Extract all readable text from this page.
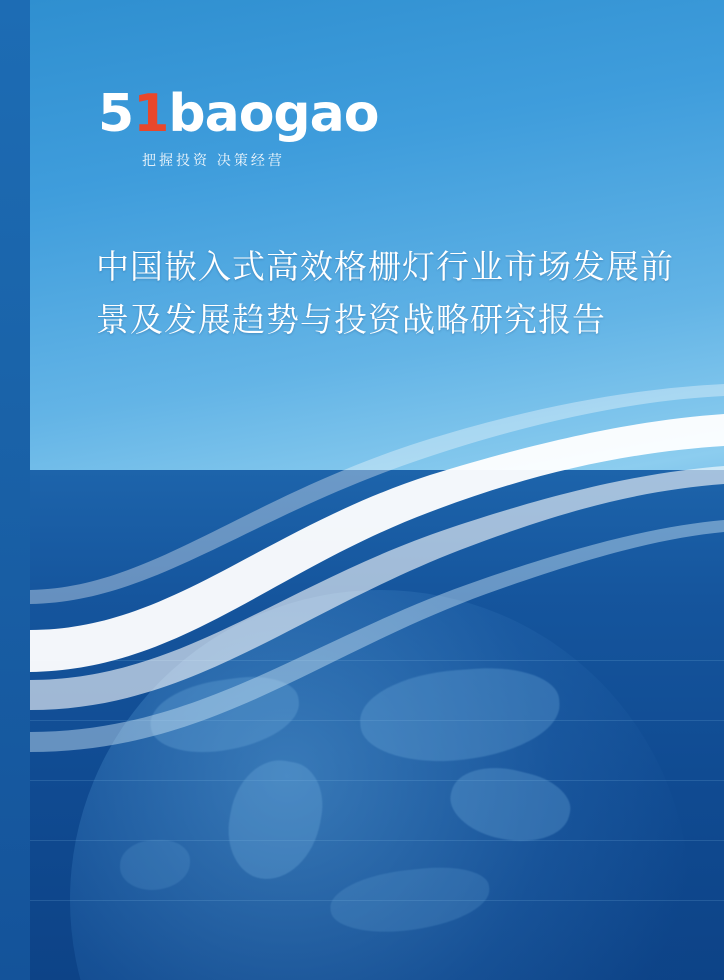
51baogao
把握投资 决策经营
中国嵌入式高效格栅灯行业市场发展前景及发展趋势与投资战略研究报告
